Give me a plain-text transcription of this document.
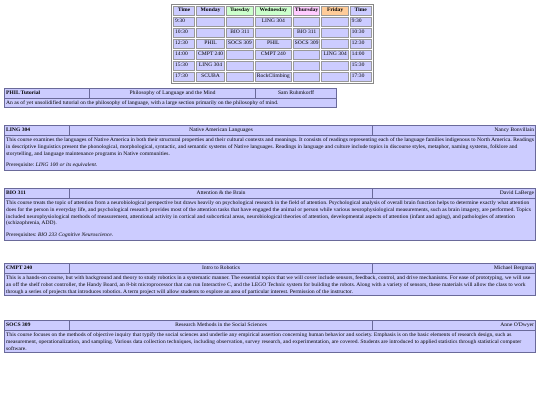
Time	Monday	Tuesday	Wednesday	Thursday	Friday	Time
9:30			LING 304			9:30
10:30		BIO 311		BIO 311		10:30
12:30	PHIL	SOCS 309	PHIL	SOCS 309		12:30
14:00	CMPT 240		CMPT 240		LING 304	14:00
15:30	LING 304					15:30
17:30	SCUBA		RockClimbing			17:30
PHIL Tutorial	Philosophy of Language and the Mind	Sam Ruhmkorff
An as of yet unsolidified tutorial on the philosophy of language, with a large section primarily on the philosophy of mind.
LING 304	Native American Languages	Nancy Bonvillain
This course examines the languages of Native America in both their structural properties and their cultural contexts and meanings. It consists of readings representing each of the language families indigenous to North America. Readings in descriptive linguistics present the phonological, morphological, syntactic, and semantic systems of Native languages. Readings in language and culture include topics in discourse styles, metaphor, naming systems, folklore and storytelling, and language maintenance programs in Native communities.
Prerequisite: LING 100 or its equivalent.
BIO 311	Attention & the Brain	David LaBerge
This course treats the topic of attention from a neurobiological perspective but draws heavily on psychological research in the field of attention. Psychological analysis of overall brain function helps to determine exactly what attention does for the person in everyday life, and psychological research provides most of the attention tasks that have engaged the animal or person while various neurophysiological measurements, such as brain imagery, are performed. Topics included neurophysiological methods of measurement, attentional activity in cortical and subcortical areas, neurobiological theories of attention, developmental aspects of attention (infant and aging), and pathologies of attention (schizophrenia, ADD).
Prerequisites: BIO 233 Cognitive Neuroscience.
CMPT 240	Intro to Robotics	Michael Bergman
This is a hands-on course, but with background and theory to study robotics in a systematic manner. The essential topics that we will cover include sensors, feedback, control, and drive mechanisms. For ease of prototyping, we will use an off the shelf robot controller, the Handy Board, an 8-bit microprocessor that can run Interactive C, and the LEGO Technic system for building the robots. Along with a variety of sensors, these materials will allow the class to work through a series of projects that introduces robotics. A term project will allow students to explore an area of particular interest. Permission of the instructor.
SOCS 309	Research Methods in the Social Sciences	Anne O'Dwyer
This course focuses on the methods of objective inquiry that typify the social sciences and underlie any empirical assertion concerning human behavior and society. Emphasis is on the basic elements of research design, such as measurement, operationalization, and sampling. Various data collection techniques, including observation, survey research, and experimentation, are covered. Students are introduced to applied statistics through statistical computer software.
